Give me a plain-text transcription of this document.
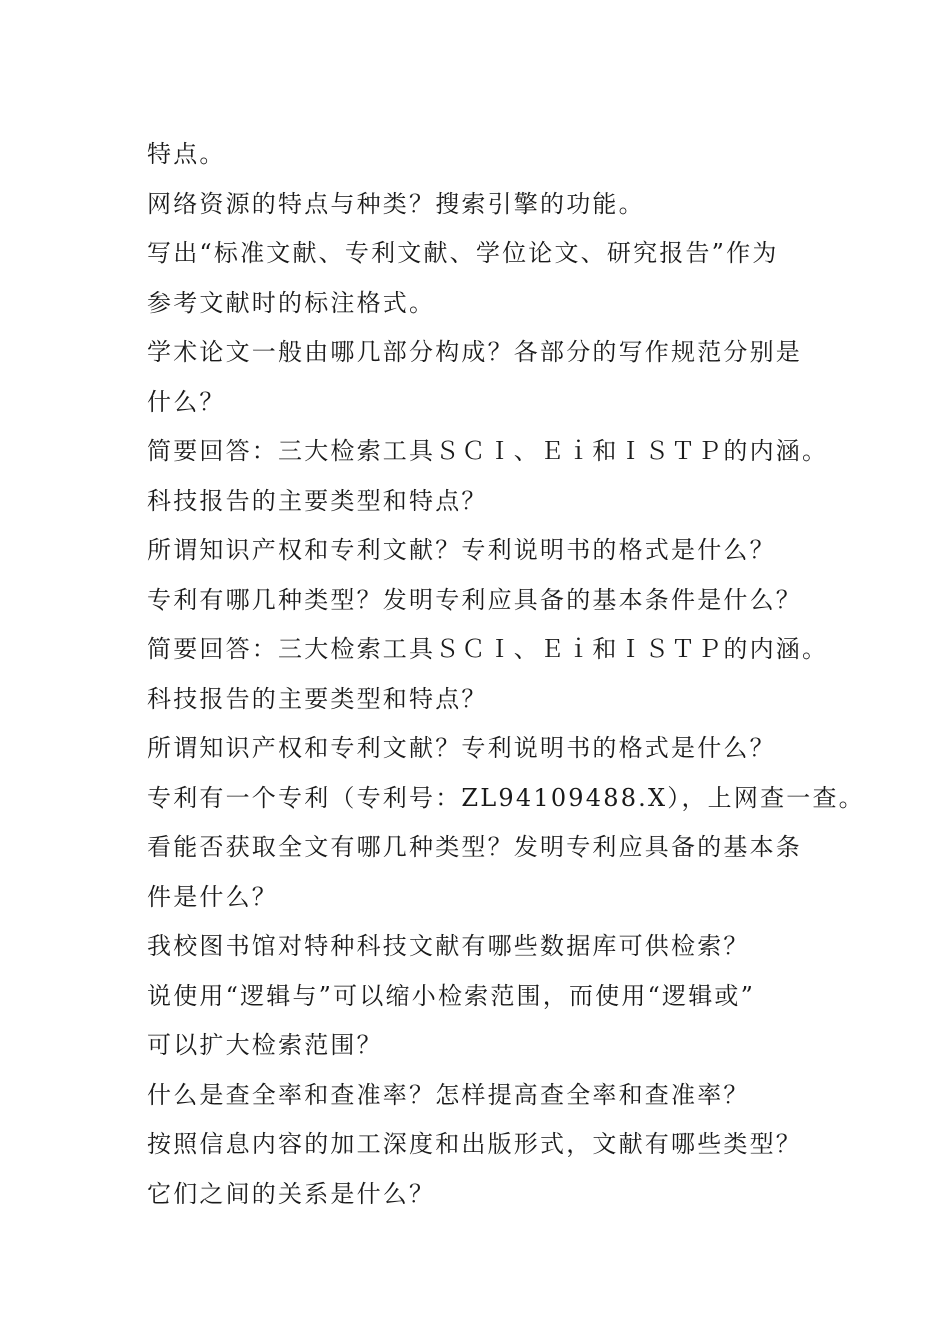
特点。
网络资源的特点与种类？搜索引擎的功能。
写出“标准文献、专利文献、学位论文、研究报告”作为
参考文献时的标注格式。
学术论文一般由哪几部分构成？各部分的写作规范分别是
什么？
简要回答：三大检索工具ＳＣＩ、Ｅｉ和ＩＳＴＰ的内涵。
科技报告的主要类型和特点？
所谓知识产权和专利文献？专利说明书的格式是什么？
专利有哪几种类型？发明专利应具备的基本条件是什么？
简要回答：三大检索工具ＳＣＩ、Ｅｉ和ＩＳＴＰ的内涵。
科技报告的主要类型和特点？
所谓知识产权和专利文献？专利说明书的格式是什么？
专利有一个专利（专利号：ZL94109488.X），上网查一查。
看能否获取全文有哪几种类型？发明专利应具备的基本条
件是什么？
我校图书馆对特种科技文献有哪些数据库可供检索？
说使用“逻辑与”可以缩小检索范围，而使用“逻辑或”
可以扩大检索范围？
什么是查全率和查准率？怎样提高查全率和查准率？
按照信息内容的加工深度和出版形式，文献有哪些类型？
它们之间的关系是什么？
